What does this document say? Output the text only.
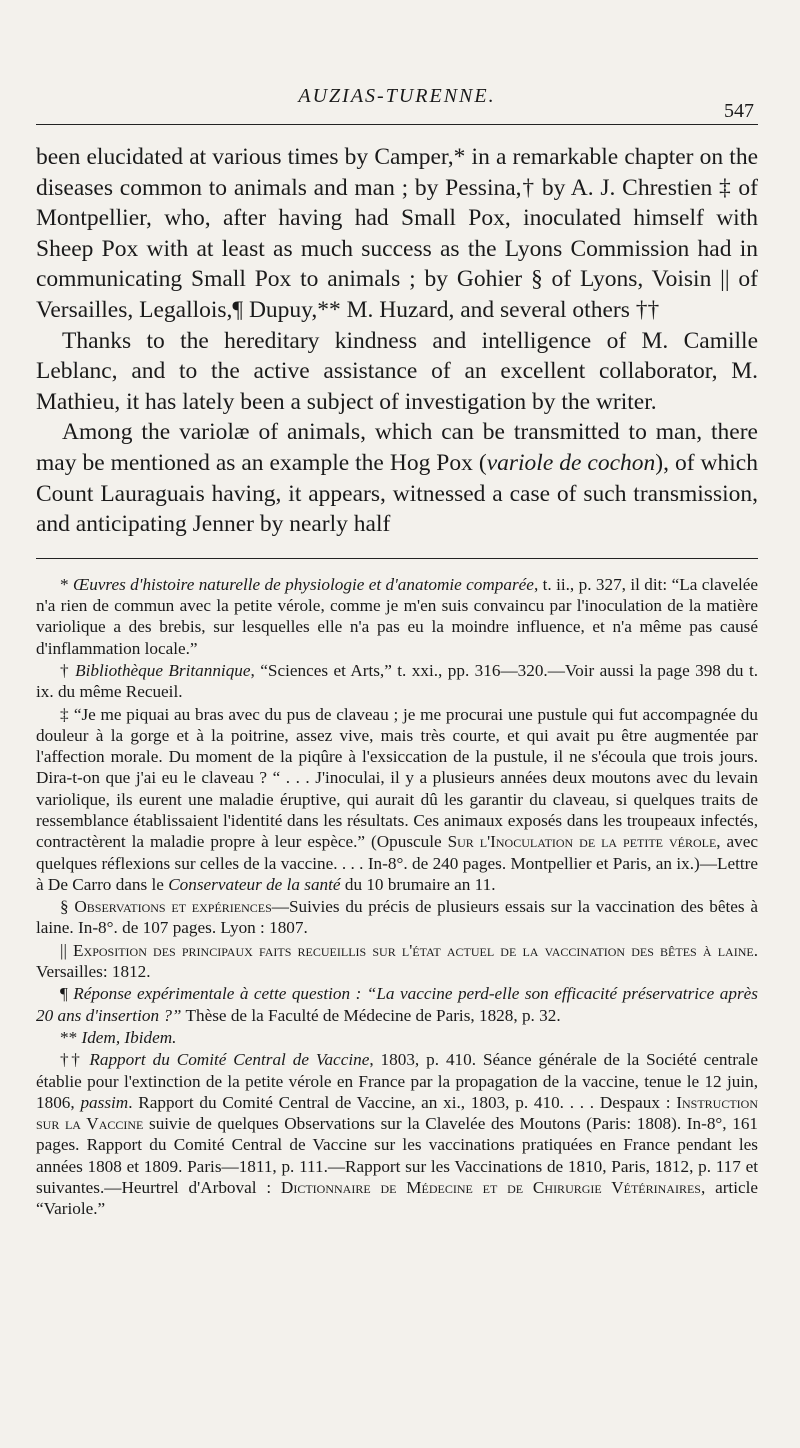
AUZIAS-TURENNE.
547

been elucidated at various times by Camper,* in a remarkable chapter on the diseases common to animals and man ; by Pessina,† by A. J. Chrestien ‡ of Montpellier, who, after having had Small Pox, inoculated himself with Sheep Pox with at least as much success as the Lyons Commission had in communicating Small Pox to animals ; by Gohier § of Lyons, Voisin || of Versailles, Legallois,¶ Dupuy,** M. Huzard, and several others ††

Thanks to the hereditary kindness and intelligence of M. Camille Leblanc, and to the active assistance of an excellent collaborator, M. Mathieu, it has lately been a subject of investigation by the writer.

Among the variolæ of animals, which can be transmitted to man, there may be mentioned as an example the Hog Pox (variole de cochon), of which Count Lauraguais having, it appears, witnessed a case of such transmission, and anticipating Jenner by nearly half

* Œuvres d'histoire naturelle de physiologie et d'anatomie comparée, t. ii., p. 327, il dit: “La clavelée n'a rien de commun avec la petite vérole, comme je m'en suis convaincu par l'inoculation de la matière variolique a des brebis, sur lesquelles elle n'a pas eu la moindre influence, et n'a même pas causé d'inflammation locale.”

† Bibliothèque Britannique, “Sciences et Arts,” t. xxi., pp. 316—320.—Voir aussi la page 398 du t. ix. du même Recueil.

‡ “Je me piquai au bras avec du pus de claveau ; je me procurai une pustule qui fut accompagnée du douleur à la gorge et à la poitrine, assez vive, mais très courte, et qui avait pu être augmentée par l'affection morale. Du moment de la piqûre à l'exsiccation de la pustule, il ne s'écoula que trois jours. Dira-t-on que j'ai eu le claveau ? “ . . . J'inoculai, il y a plusieurs années deux moutons avec du levain variolique, ils eurent une maladie éruptive, qui aurait dû les garantir du claveau, si quelques traits de ressemblance établissaient l'identité dans les résultats. Ces animaux exposés dans les troupeaux infectés, contractèrent la maladie propre à leur espèce.” (Opuscule Sur l'Inoculation de la petite vérole, avec quelques réflexions sur celles de la vaccine. . . . In-8°. de 240 pages. Montpellier et Paris, an ix.)—Lettre à De Carro dans le Conservateur de la santé du 10 brumaire an 11.

§ Observations et expériences—Suivies du précis de plusieurs essais sur la vaccination des bêtes à laine. In-8°. de 107 pages. Lyon : 1807.

|| Exposition des principaux faits recueillis sur l'état actuel de la vaccination des bêtes à laine. Versailles: 1812.

¶ Réponse expérimentale à cette question : “La vaccine perd-elle son efficacité préservatrice après 20 ans d'insertion ?” Thèse de la Faculté de Médecine de Paris, 1828, p. 32.

** Idem, Ibidem.

†† Rapport du Comité Central de Vaccine, 1803, p. 410. Séance générale de la Société centrale établie pour l'extinction de la petite vérole en France par la propagation de la vaccine, tenue le 12 juin, 1806, passim. Rapport du Comité Central de Vaccine, an xi., 1803, p. 410. . . . Despaux : Instruction sur la Vaccine suivie de quelques Observations sur la Clavelée des Moutons (Paris: 1808). In-8°, 161 pages. Rapport du Comité Central de Vaccine sur les vaccinations pratiquées en France pendant les années 1808 et 1809. Paris—1811, p. 111.—Rapport sur les Vaccinations de 1810, Paris, 1812, p. 117 et suivantes.—Heurtrel d'Arboval : Dictionnaire de Médecine et de Chirurgie Vétérinaires, article “Variole.”
